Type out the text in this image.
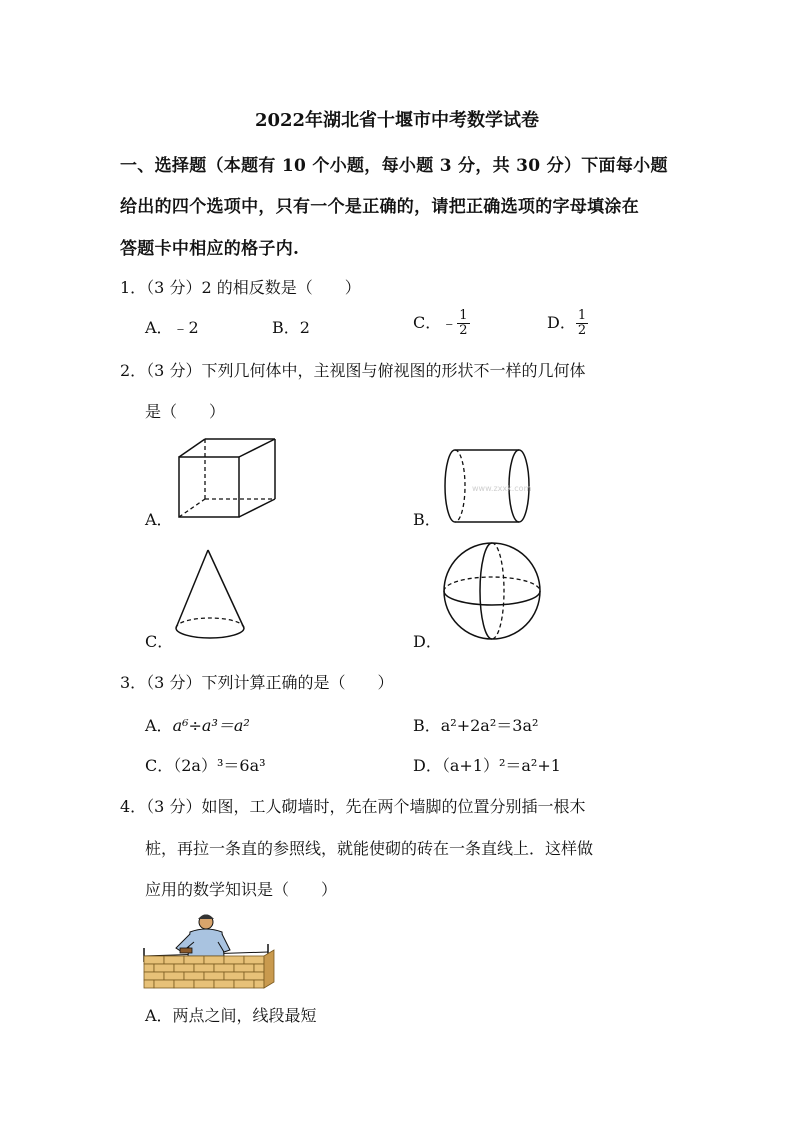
2022年湖北省十堰市中考数学试卷
一、选择题（本题有 10 个小题，每小题 3 分，共 30 分）下面每小题
给出的四个选项中，只有一个是正确的，请把正确选项的字母填涂在
答题卡中相应的格子内.
1．（3 分）2 的相反数是（　　）
A．﹣2	B．2	C．﹣ $\frac{1}{2}$	D． $\frac{1}{2}$
2．（3 分）下列几何体中，主视图与俯视图的形状不一样的几何体
是（　　）
A．	B．
www.zxxk.com
C．	D．
3．（3 分）下列计算正确的是（　　）
A．a⁶÷a³＝a²	B．a²+2a²＝3a²
C．（2a）³＝6a³	D．（a+1）²＝a²+1
4．（3 分）如图，工人砌墙时，先在两个墙脚的位置分别插一根木
桩，再拉一条直的参照线，就能使砌的砖在一条直线上．这样做
应用的数学知识是（　　）
A．两点之间，线段最短
